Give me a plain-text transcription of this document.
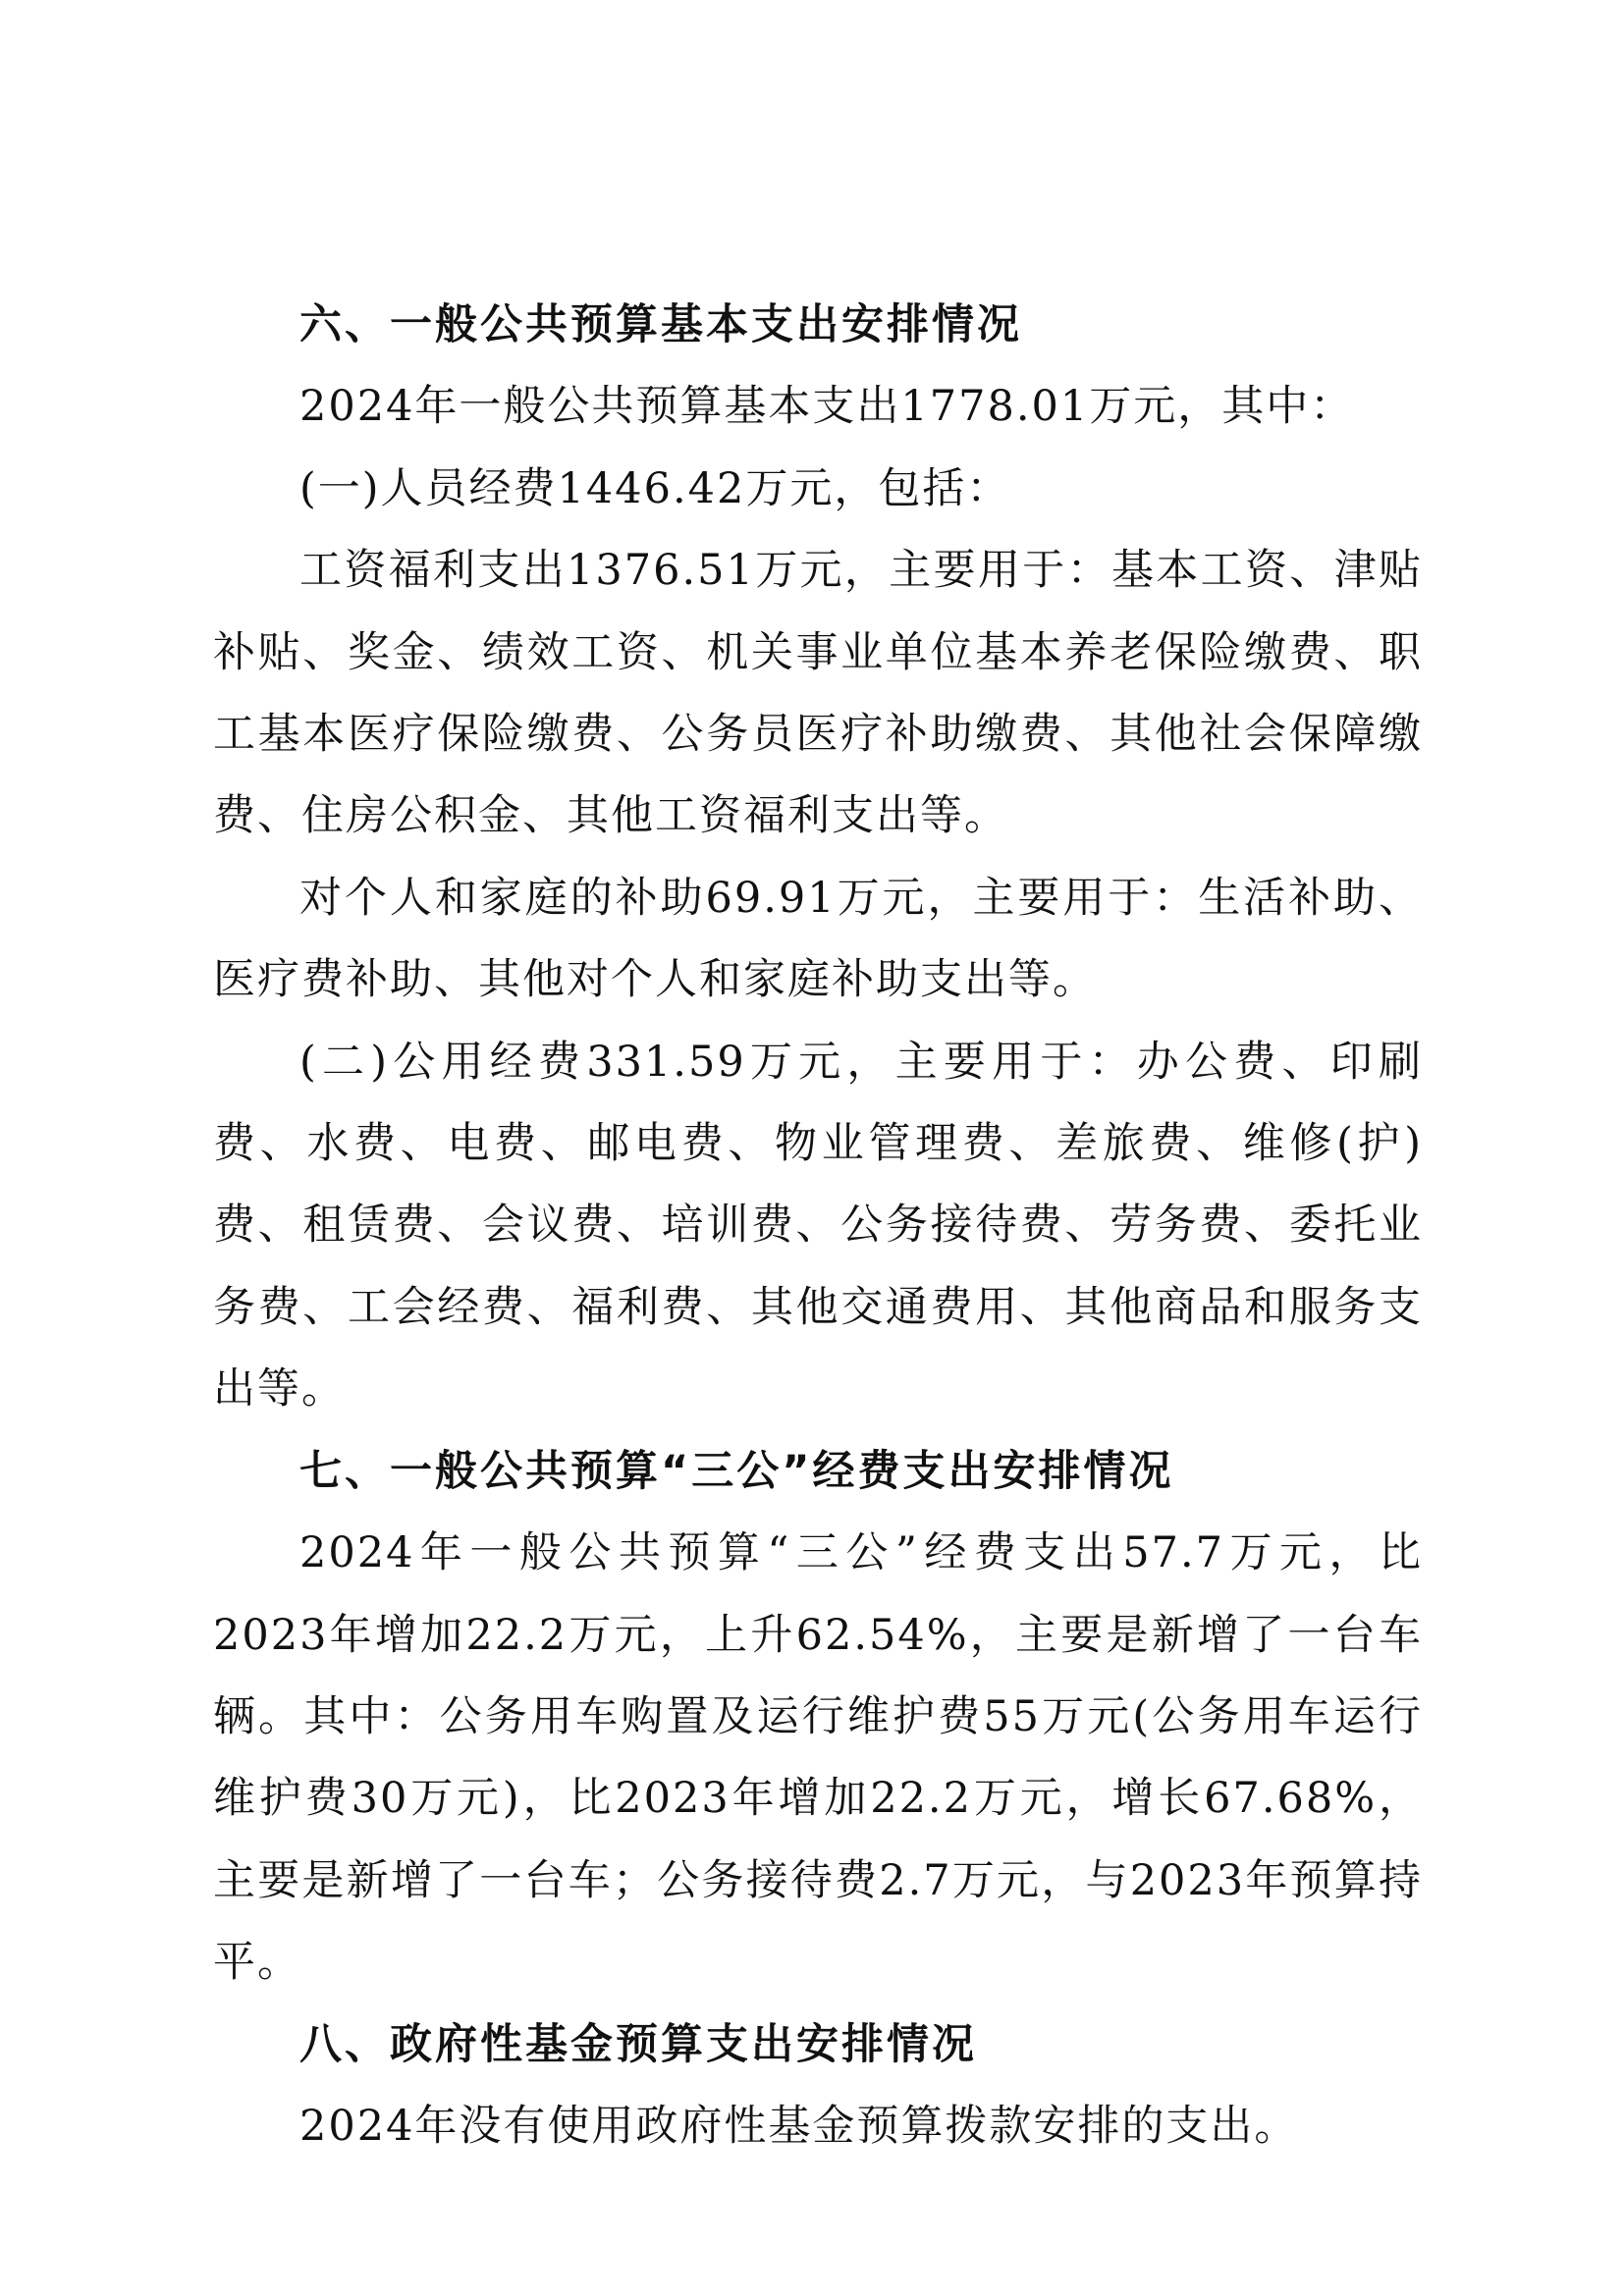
六、一般公共预算基本支出安排情况

2024年一般公共预算基本支出1778.01万元，其中：

(一)人员经费1446.42万元，包括：

工资福利支出1376.51万元，主要用于：基本工资、津贴补贴、奖金、绩效工资、机关事业单位基本养老保险缴费、职工基本医疗保险缴费、公务员医疗补助缴费、其他社会保障缴费、住房公积金、其他工资福利支出等。

对个人和家庭的补助69.91万元，主要用于：生活补助、医疗费补助、其他对个人和家庭补助支出等。

(二)公用经费331.59万元，主要用于：办公费、印刷费、水费、电费、邮电费、物业管理费、差旅费、维修(护)费、租赁费、会议费、培训费、公务接待费、劳务费、委托业务费、工会经费、福利费、其他交通费用、其他商品和服务支出等。

七、一般公共预算“三公”经费支出安排情况

2024年一般公共预算“三公”经费支出57.7万元，比2023年增加22.2万元，上升62.54%，主要是新增了一台车辆。其中：公务用车购置及运行维护费55万元(公务用车运行维护费30万元)，比2023年增加22.2万元，增长67.68%，主要是新增了一台车；公务接待费2.7万元，与2023年预算持平。

八、政府性基金预算支出安排情况

2024年没有使用政府性基金预算拨款安排的支出。
